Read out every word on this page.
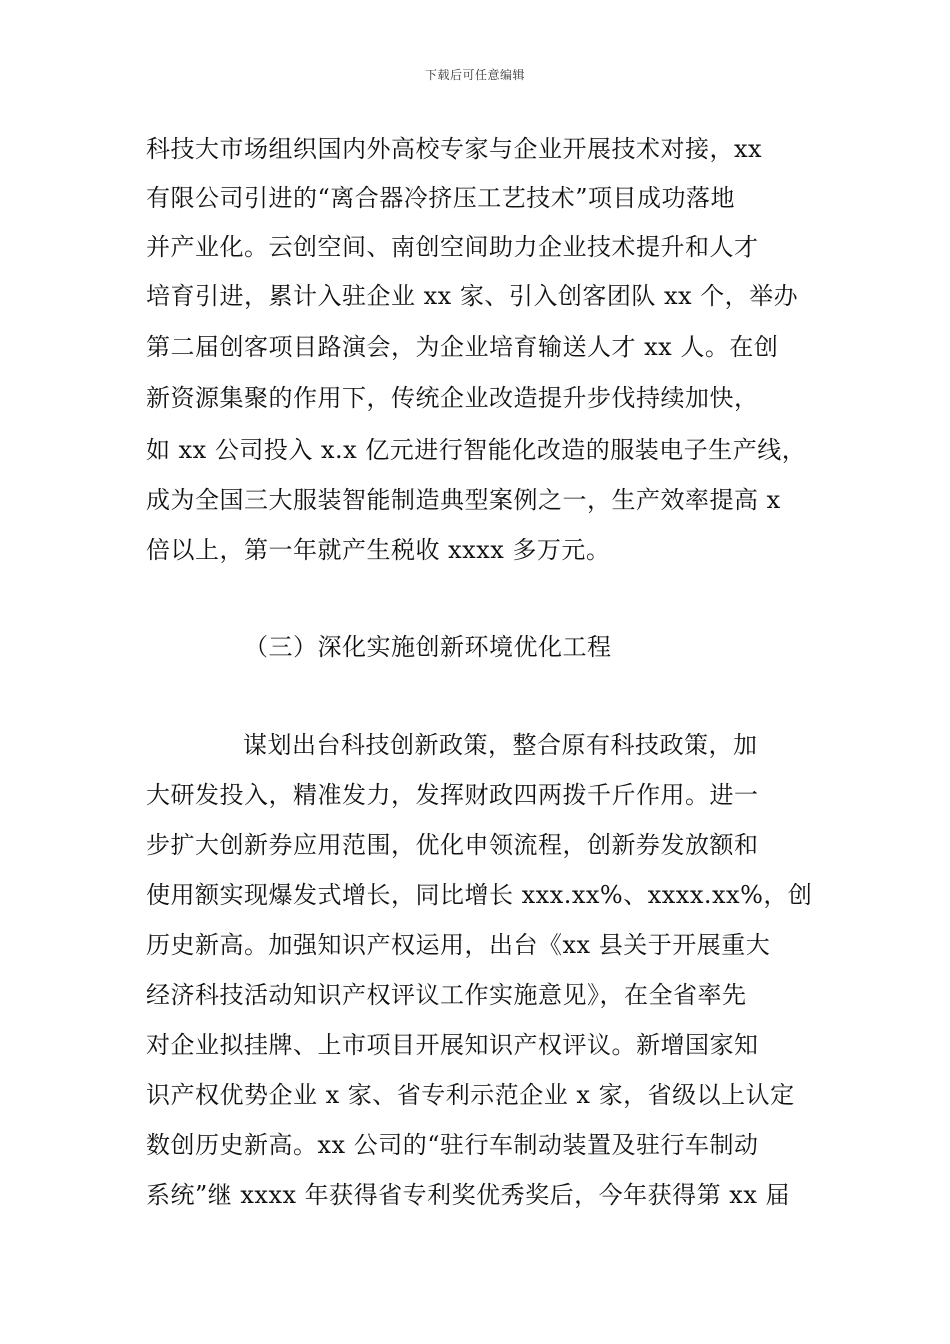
下载后可任意编辑
科技大市场组织国内外高校专家与企业开展技术对接，xx
有限公司引进的“离合器冷挤压工艺技术”项目成功落地
并产业化。云创空间、南创空间助力企业技术提升和人才
培育引进，累计入驻企业 xx 家、引入创客团队 xx 个，举办
第二届创客项目路演会，为企业培育输送人才 xx 人。在创
新资源集聚的作用下，传统企业改造提升步伐持续加快，
如 xx 公司投入 x.x 亿元进行智能化改造的服装电子生产线，
成为全国三大服装智能制造典型案例之一，生产效率提高 x
倍以上，第一年就产生税收 xxxx 多万元。
（三）深化实施创新环境优化工程
谋划出台科技创新政策，整合原有科技政策，加
大研发投入，精准发力，发挥财政四两拨千斤作用。进一
步扩大创新券应用范围，优化申领流程，创新券发放额和
使用额实现爆发式增长，同比增长 xxx.xx%、xxxx.xx%，创
历史新高。加强知识产权运用，出台《xx 县关于开展重大
经济科技活动知识产权评议工作实施意见》，在全省率先
对企业拟挂牌、上市项目开展知识产权评议。新增国家知
识产权优势企业 x 家、省专利示范企业 x 家，省级以上认定
数创历史新高。xx 公司的“驻行车制动装置及驻行车制动
系统”继 xxxx 年获得省专利奖优秀奖后，今年获得第 xx 届
